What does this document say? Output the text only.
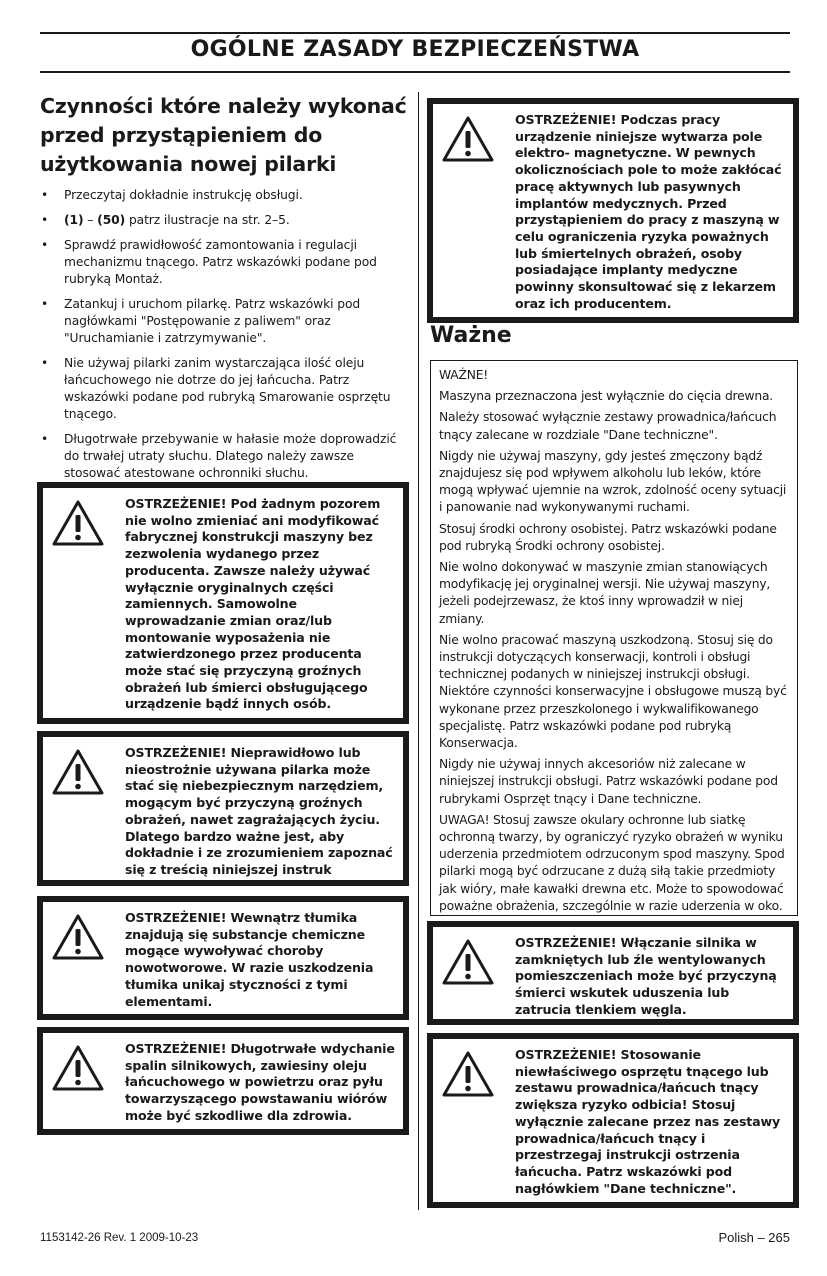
OGÓLNE ZASADY BEZPIECZEŃSTWA
Czynności które należy wykonać przed przystąpieniem do użytkowania nowej pilarki
• Przeczytaj dokładnie instrukcję obsługi.
• (1) – (50) patrz ilustracje na str. 2–5.
• Sprawdź prawidłowość zamontowania i regulacji mechanizmu tnącego. Patrz wskazówki podane pod rubryką Montaż.
• Zatankuj i uruchom pilarkę. Patrz wskazówki pod nagłówkami "Postępowanie z paliwem" oraz "Uruchamianie i zatrzymywanie".
• Nie używaj pilarki zanim wystarczająca ilość oleju łańcuchowego nie dotrze do jej łańcucha. Patrz wskazówki podane pod rubryką Smarowanie osprzętu tnącego.
• Długotrwałe przebywanie w hałasie może doprowadzić do trwałej utraty słuchu. Dlatego należy zawsze stosować atestowane ochronniki słuchu.
OSTRZEŻENIE! Pod żadnym pozorem nie wolno zmieniać ani modyfikować fabrycznej konstrukcji maszyny bez zezwolenia wydanego przez producenta. Zawsze należy używać wyłącznie oryginalnych części zamiennych. Samowolne wprowadzanie zmian oraz/lub montowanie wyposażenia nie zatwierdzonego przez producenta może stać się przyczyną groźnych obrażeń lub śmierci obsługującego urządzenie bądź innych osób.
OSTRZEŻENIE! Nieprawidłowo lub nieostrożnie używana pilarka może stać się niebezpiecznym narzędziem, mogącym być przyczyną groźnych obrażeń, nawet zagrażających życiu. Dlatego bardzo ważne jest, aby dokładnie i ze zrozumieniem zapoznać się z treścią niniejszej instruk
OSTRZEŻENIE! Wewnątrz tłumika znajdują się substancje chemiczne mogące wywoływać choroby nowotworowe. W razie uszkodzenia tłumika unikaj styczności z tymi elementami.
OSTRZEŻENIE! Długotrwałe wdychanie spalin silnikowych, zawiesiny oleju łańcuchowego w powietrzu oraz pyłu towarzyszącego powstawaniu wiórów może być szkodliwe dla zdrowia.
OSTRZEŻENIE! Podczas pracy urządzenie niniejsze wytwarza pole elektro- magnetyczne. W pewnych okolicznościach pole to może zakłócać pracę aktywnych lub pasywnych implantów medycznych. Przed przystąpieniem do pracy z maszyną w celu ograniczenia ryzyka poważnych lub śmiertelnych obrażeń, osoby posiadające implanty medyczne powinny skonsultować się z lekarzem oraz ich producentem.
Ważne

WAŻNE!

Maszyna przeznaczona jest wyłącznie do cięcia drewna.

Należy stosować wyłącznie zestawy prowadnica/łańcuch tnący zalecane w rozdziale "Dane techniczne".

Nigdy nie używaj maszyny, gdy jesteś zmęczony bądź znajdujesz się pod wpływem alkoholu lub leków, które mogą wpływać ujemnie na wzrok, zdolność oceny sytuacji i panowanie nad wykonywanymi ruchami.

Stosuj środki ochrony osobistej. Patrz wskazówki podane pod rubryką Środki ochrony osobistej.

Nie wolno dokonywać w maszynie zmian stanowiących modyfikację jej oryginalnej wersji. Nie używaj maszyny, jeżeli podejrzewasz, że ktoś inny wprowadził w niej zmiany.

Nie wolno pracować maszyną uszkodzoną. Stosuj się do instrukcji dotyczących konserwacji, kontroli i obsługi technicznej podanych w niniejszej instrukcji obsługi. Niektóre czynności konserwacyjne i obsługowe muszą być wykonane przez przeszkolonego i wykwalifikowanego specjalistę. Patrz wskazówki podane pod rubryką Konserwacja.

Nigdy nie używaj innych akcesoriów niż zalecane w niniejszej instrukcji obsługi. Patrz wskazówki podane pod rubrykami Osprzęt tnący i Dane techniczne.

UWAGA! Stosuj zawsze okulary ochronne lub siatkę ochronną twarzy, by ograniczyć ryzyko obrażeń w wyniku uderzenia przedmiotem odrzuconym spod maszyny. Spod pilarki mogą być odrzucane z dużą siłą takie przedmioty jak wióry, małe kawałki drewna etc. Może to spowodować poważne obrażenia, szczególnie w razie uderzenia w oko.

OSTRZEŻENIE! Włączanie silnika w zamkniętych lub źle wentylowanych pomieszczeniach może być przyczyną śmierci wskutek uduszenia lub zatrucia tlenkiem węgla.
OSTRZEŻENIE! Stosowanie niewłaściwego osprzętu tnącego lub zestawu prowadnica/łańcuch tnący zwiększa ryzyko odbicia! Stosuj wyłącznie zalecane przez nas zestawy prowadnica/łańcuch tnący i przestrzegaj instrukcji ostrzenia łańcucha. Patrz wskazówki pod nagłówkiem "Dane techniczne".
1153142-26 Rev. 1 2009-10-23	Polish – 265
